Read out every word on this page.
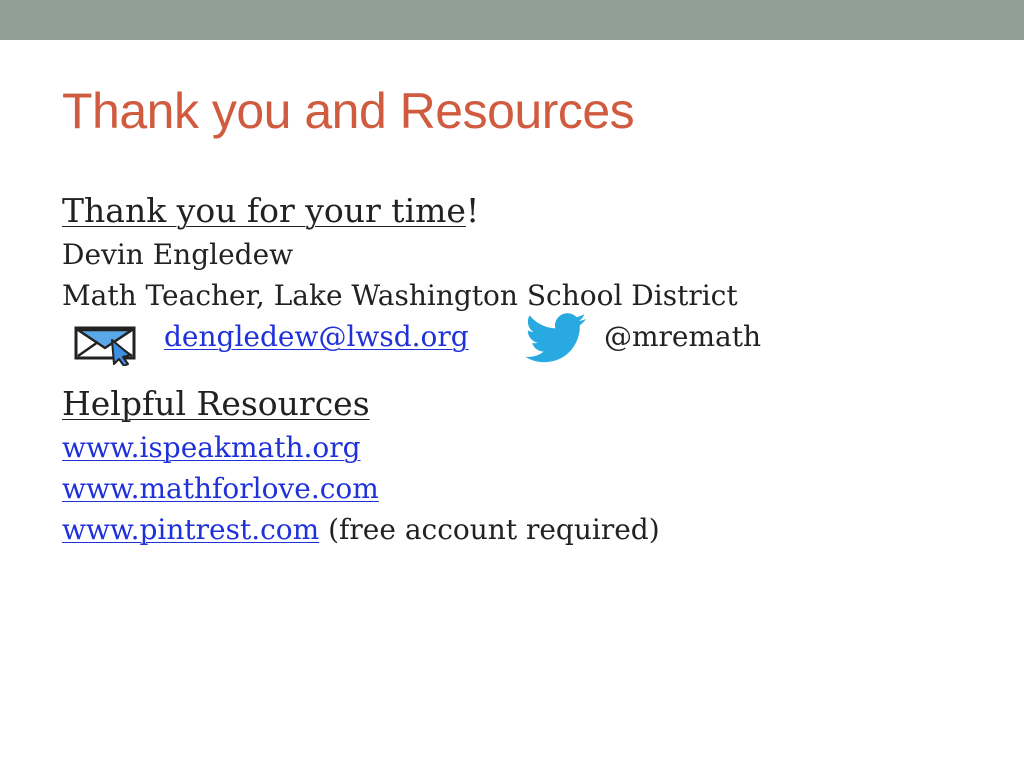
Thank you and Resources
Thank you for your time!
Devin Engledew
Math Teacher, Lake Washington School District
dengledew@lwsd.org	@mremath
Helpful Resources
www.ispeakmath.org
www.mathforlove.com
www.pintrest.com (free account required)
